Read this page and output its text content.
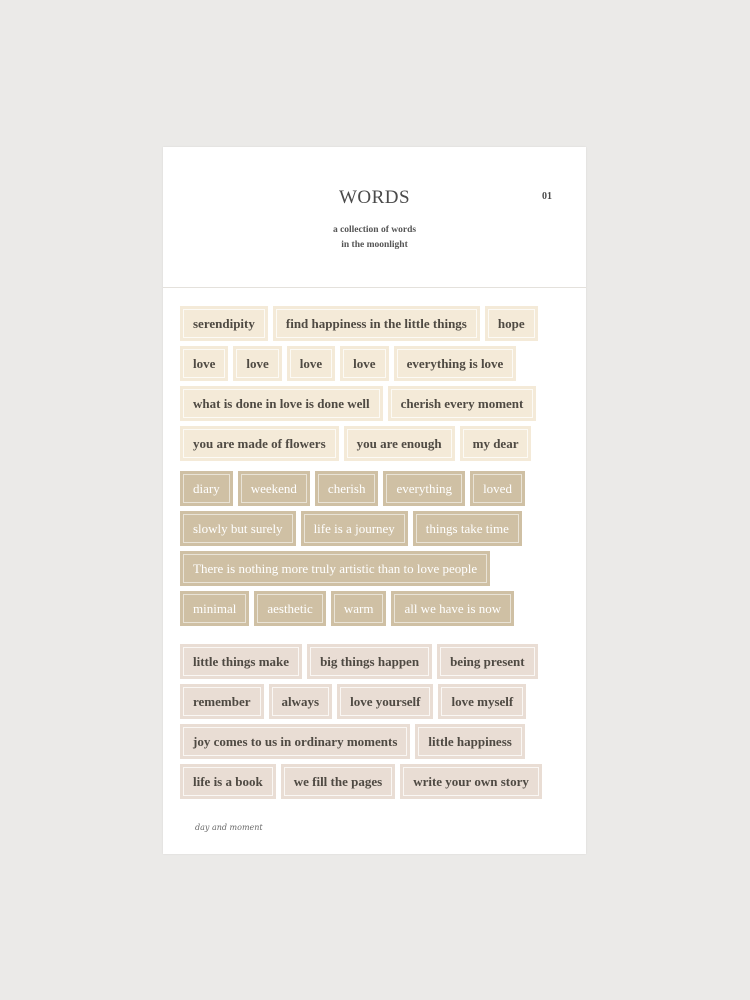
WORDS	01
a collection of words
in the moonlight
serendipity	find happiness in the little things	hope
love	love	love	love	everything is love
what is done in love is done well	cherish every moment
you are made of flowers	you are enough	my dear
diary	weekend	cherish	everything	loved
slowly but surely	life is a journey	things take time
There is nothing more truly artistic than to love people
minimal	aesthetic	warm	all we have is now
little things make	big things happen	being present
remember	always	love yourself	love myself
joy comes to us in ordinary moments	little happiness
life is a book	we fill the pages	write your own story
day and moment
